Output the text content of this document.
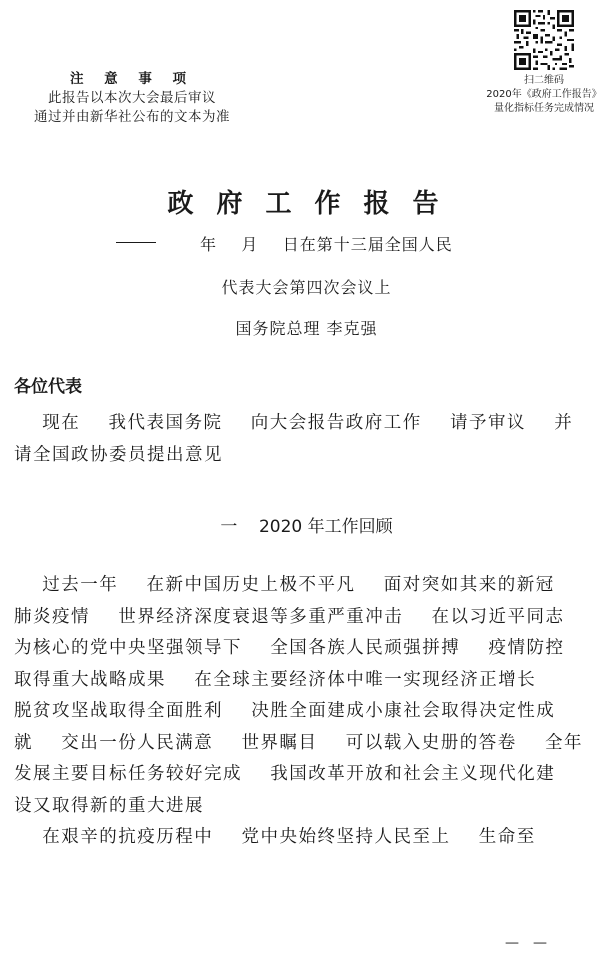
注 意 事 项
此报告以本次大会最后审议
通过并由新华社公布的文本为准
扫二维码
2020年《政府工作报告》
量化指标任务完成情况
政府工作报告
年    月    日在第十三届全国人民
代表大会第四次会议上
国务院总理 李克强
各位代表
现在    我代表国务院    向大会报告政府工作    请予审议    并
请全国政协委员提出意见
一    2020 年工作回顾
过去一年    在新中国历史上极不平凡    面对突如其来的新冠
肺炎疫情    世界经济深度衰退等多重严重冲击    在以习近平同志
为核心的党中央坚强领导下    全国各族人民顽强拼搏    疫情防控
取得重大战略成果    在全球主要经济体中唯一实现经济正增长
脱贫攻坚战取得全面胜利    决胜全面建成小康社会取得决定性成
就    交出一份人民满意    世界瞩目    可以载入史册的答卷    全年
发展主要目标任务较好完成    我国改革开放和社会主义现代化建
设又取得新的重大进展
在艰辛的抗疫历程中    党中央始终坚持人民至上    生命至
——
